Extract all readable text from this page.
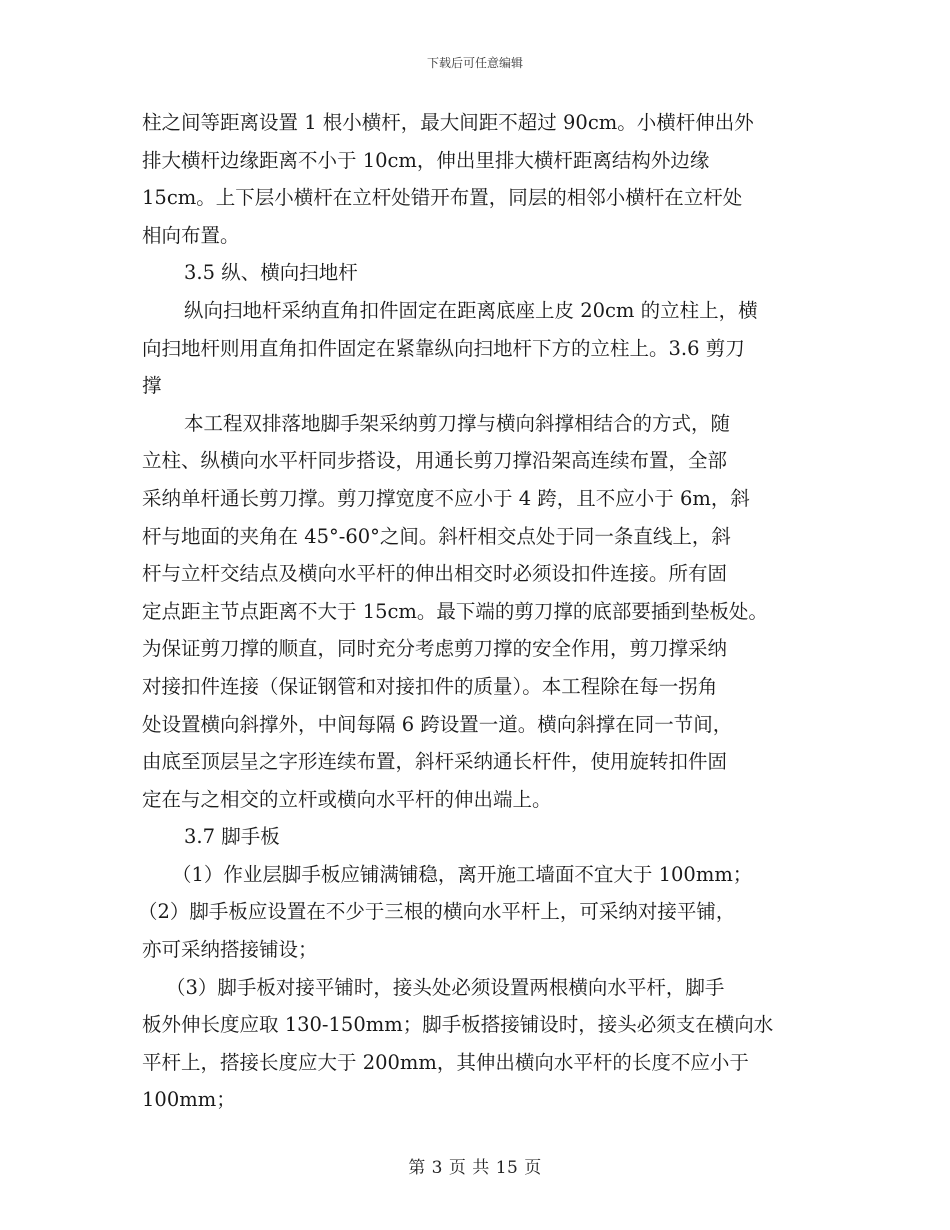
下载后可任意编辑
柱之间等距离设置 1 根小横杆，最大间距不超过 90cm。小横杆伸出外
排大横杆边缘距离不小于 10cm，伸出里排大横杆距离结构外边缘
15cm。上下层小横杆在立杆处错开布置，同层的相邻小横杆在立杆处
相向布置。
3.5 纵、横向扫地杆
纵向扫地杆采纳直角扣件固定在距离底座上皮 20cm 的立柱上，横
向扫地杆则用直角扣件固定在紧靠纵向扫地杆下方的立柱上。3.6 剪刀
撑
本工程双排落地脚手架采纳剪刀撑与横向斜撑相结合的方式，随
立柱、纵横向水平杆同步搭设，用通长剪刀撑沿架高连续布置，全部
采纳单杆通长剪刀撑。剪刀撑宽度不应小于 4 跨，且不应小于 6m，斜
杆与地面的夹角在 45°-60°之间。斜杆相交点处于同一条直线上，斜
杆与立杆交结点及横向水平杆的伸出相交时必须设扣件连接。所有固
定点距主节点距离不大于 15cm。最下端的剪刀撑的底部要插到垫板处。
为保证剪刀撑的顺直，同时充分考虑剪刀撑的安全作用，剪刀撑采纳
对接扣件连接（保证钢管和对接扣件的质量）。本工程除在每一拐角
处设置横向斜撑外，中间每隔 6 跨设置一道。横向斜撑在同一节间，
由底至顶层呈之字形连续布置，斜杆采纳通长杆件，使用旋转扣件固
定在与之相交的立杆或横向水平杆的伸出端上。
3.7 脚手板
（1）作业层脚手板应铺满铺稳，离开施工墙面不宜大于 100mm；
（2）脚手板应设置在不少于三根的横向水平杆上，可采纳对接平铺，
亦可采纳搭接铺设；
（3）脚手板对接平铺时，接头处必须设置两根横向水平杆，脚手
板外伸长度应取 130-150mm；脚手板搭接铺设时，接头必须支在横向水
平杆上，搭接长度应大于 200mm，其伸出横向水平杆的长度不应小于
100mm；
第 3 页 共 15 页
